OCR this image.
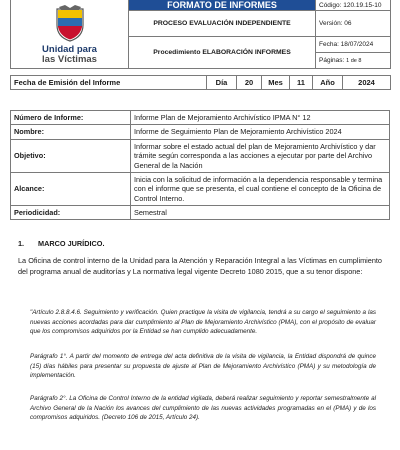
Unidad para
las Víctimas	FORMATO DE INFORMES	Código: 120.19.15-10
	PROCESO EVALUACIÓN INDEPENDIENTE	Versión: 06
	Procedimiento ELABORACIÓN INFORMES	Fecha: 18/07/2024
		Páginas: 1 de 8
Fecha de Emisión del Informe	Día	20	Mes	11	Año	2024
Número de Informe:	Informe Plan de Mejoramiento Archivístico IPMA N° 12
Nombre:	Informe de Seguimiento Plan de Mejoramiento Archivístico 2024
Objetivo:	Informar sobre el estado actual del plan de Mejoramiento Archivístico y dar trámite según corresponda a las acciones a ejecutar por parte del Archivo General de la Nación
Alcance:	Inicia con la solicitud de información a la dependencia responsable y termina con el informe que se presenta, el cual contiene el concepto de la Oficina de Control Interno.
Periodicidad:	Semestral
1. MARCO JURÍDICO.
La Oficina de control interno de la Unidad para la Atención y Reparación Integral a las Víctimas en cumplimiento del programa anual de auditorías y La normativa legal vigente Decreto 1080 2015, que a su tenor dispone:
"Artículo 2.8.8.4.6. Seguimiento y verificación. Quien practique la visita de vigilancia, tendrá a su cargo el seguimiento a las nuevas acciones acordadas para dar cumplimiento al Plan de Mejoramiento Archivístico (PMA), con el propósito de evaluar que los compromisos adquiridos por la Entidad se han cumplido adecuadamente.
Parágrafo 1°. A partir del momento de entrega del acta definitiva de la visita de vigilancia, la Entidad dispondrá de quince (15) días hábiles para presentar su propuesta de ajuste al Plan de Mejoramiento Archivístico (PMA) y su metodología de implementación.
Parágrafo 2°. La Oficina de Control Interno de la entidad vigilada, deberá realizar seguimiento y reportar semestralmente al Archivo General de la Nación los avances del cumplimiento de las nuevas actividades programadas en el (PMA) y de los compromisos adquiridos. (Decreto 106 de 2015, Artículo 24).
